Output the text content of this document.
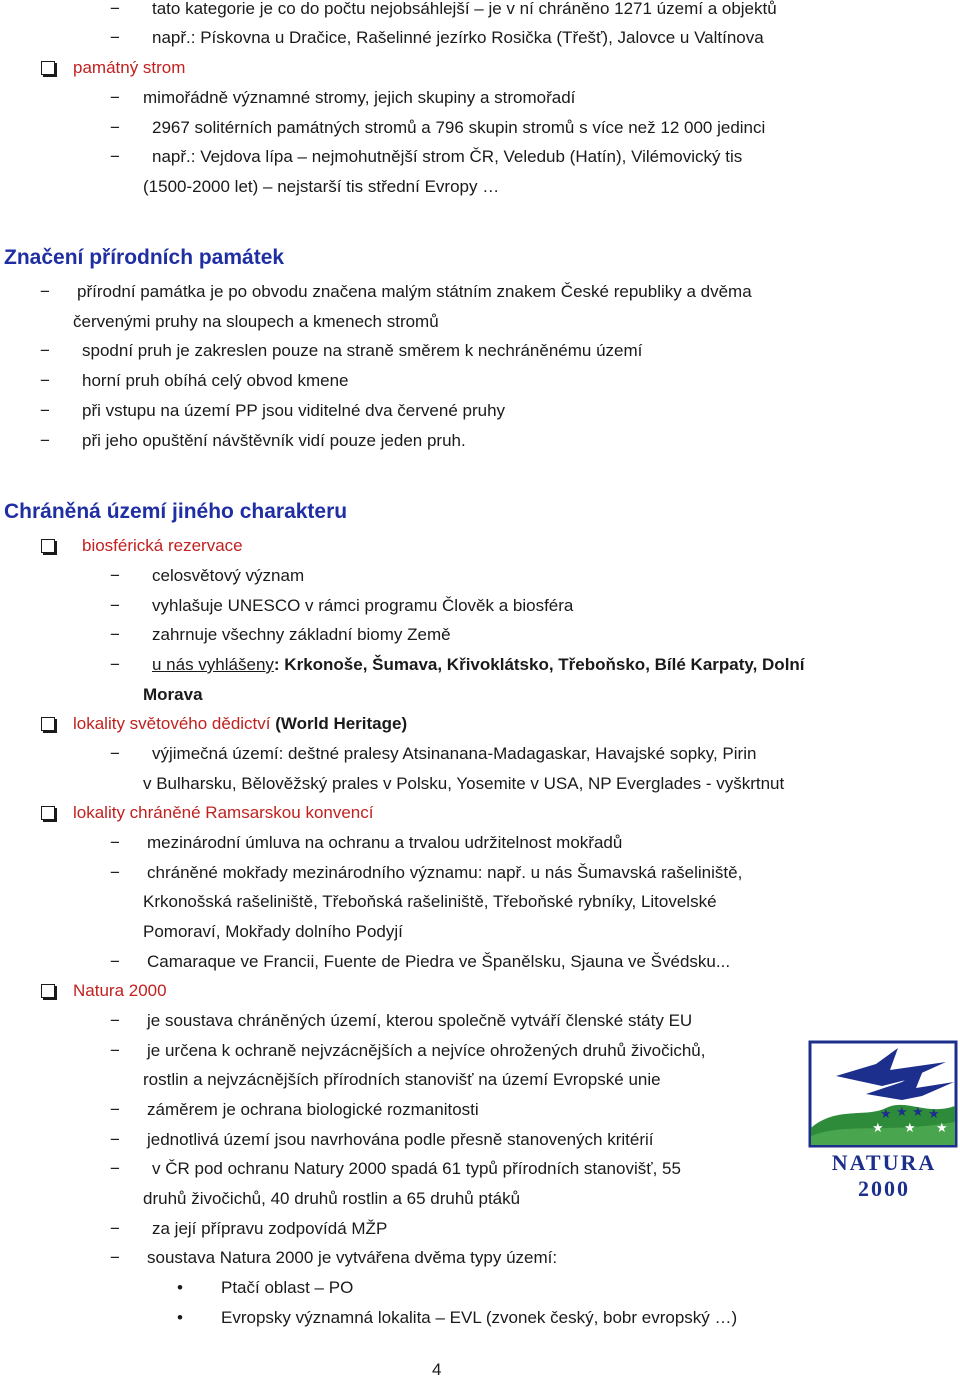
− tato kategorie je co do počtu nejobsáhlejší – je v ní chráněno 1271 území a objektů
− např.: Pískovna u Dračice, Rašelinné jezírko Rosička (Třešť), Jalovce u Valtínova
památný strom
− mimořádně významné stromy, jejich skupiny a stromořadí
− 2967 solitérních památných stromů a 796 skupin stromů s více než 12 000 jedinci
− např.: Vejdova lípa – nejmohutnější strom ČR, Veledub (Hatín), Vilémovický tis
(1500-2000 let) – nejstarší tis střední Evropy …
Značení přírodních památek
− přírodní památka je po obvodu značena malým státním znakem České republiky a dvěma
červenými pruhy na sloupech a kmenech stromů
− spodní pruh je zakreslen pouze na straně směrem k nechráněnému území
− horní pruh obíhá celý obvod kmene
− při vstupu na území PP jsou viditelné dva červené pruhy
− při jeho opuštění návštěvník vidí pouze jeden pruh.
Chráněná území jiného charakteru
biosférická rezervace
− celosvětový význam
− vyhlašuje UNESCO v rámci programu Člověk a biosféra
− zahrnuje všechny základní biomy Země
− u nás vyhlášeny: Krkonoše, Šumava, Křivoklátsko, Třeboňsko, Bílé Karpaty, Dolní
Morava
lokality světového dědictví (World Heritage)
− výjimečná území: deštné pralesy Atsinanana-Madagaskar, Havajské sopky, Pirin
v Bulharsku, Bělověžský prales v Polsku, Yosemite v USA, NP Everglades - vyškrtnut
lokality chráněné Ramsarskou konvencí
− mezinárodní úmluva na ochranu a trvalou udržitelnost mokřadů
− chráněné mokřady mezinárodního významu: např. u nás Šumavská rašeliniště,
Krkonošská rašeliniště, Třeboňská rašeliniště, Třeboňské rybníky, Litovelské
Pomoraví, Mokřady dolního Podyjí
− Camaraque ve Francii, Fuente de Piedra ve Španělsku, Sjauna ve Švédsku...
Natura 2000
− je soustava chráněných území, kterou společně vytváří členské státy EU
− je určena k ochraně nejvzácnějších a nejvíce ohrožených druhů živočichů,
rostlin a nejvzácnějších přírodních stanovišť na území Evropské unie
− záměrem je ochrana biologické rozmanitosti
− jednotlivá území jsou navrhována podle přesně stanovených kritérií
− v ČR pod ochranu Natury 2000 spadá 61 typů přírodních stanovišť, 55
druhů živočichů, 40 druhů rostlin a 65 druhů ptáků
− za její přípravu zodpovídá MŽP
− soustava Natura 2000 je vytvářena dvěma typy území:
• Ptačí oblast – PO
• Evropsky významná lokalita – EVL (zvonek český, bobr evropský …)
★ ★ ★ ★
★ ★ ★
NATURA 2000
4
